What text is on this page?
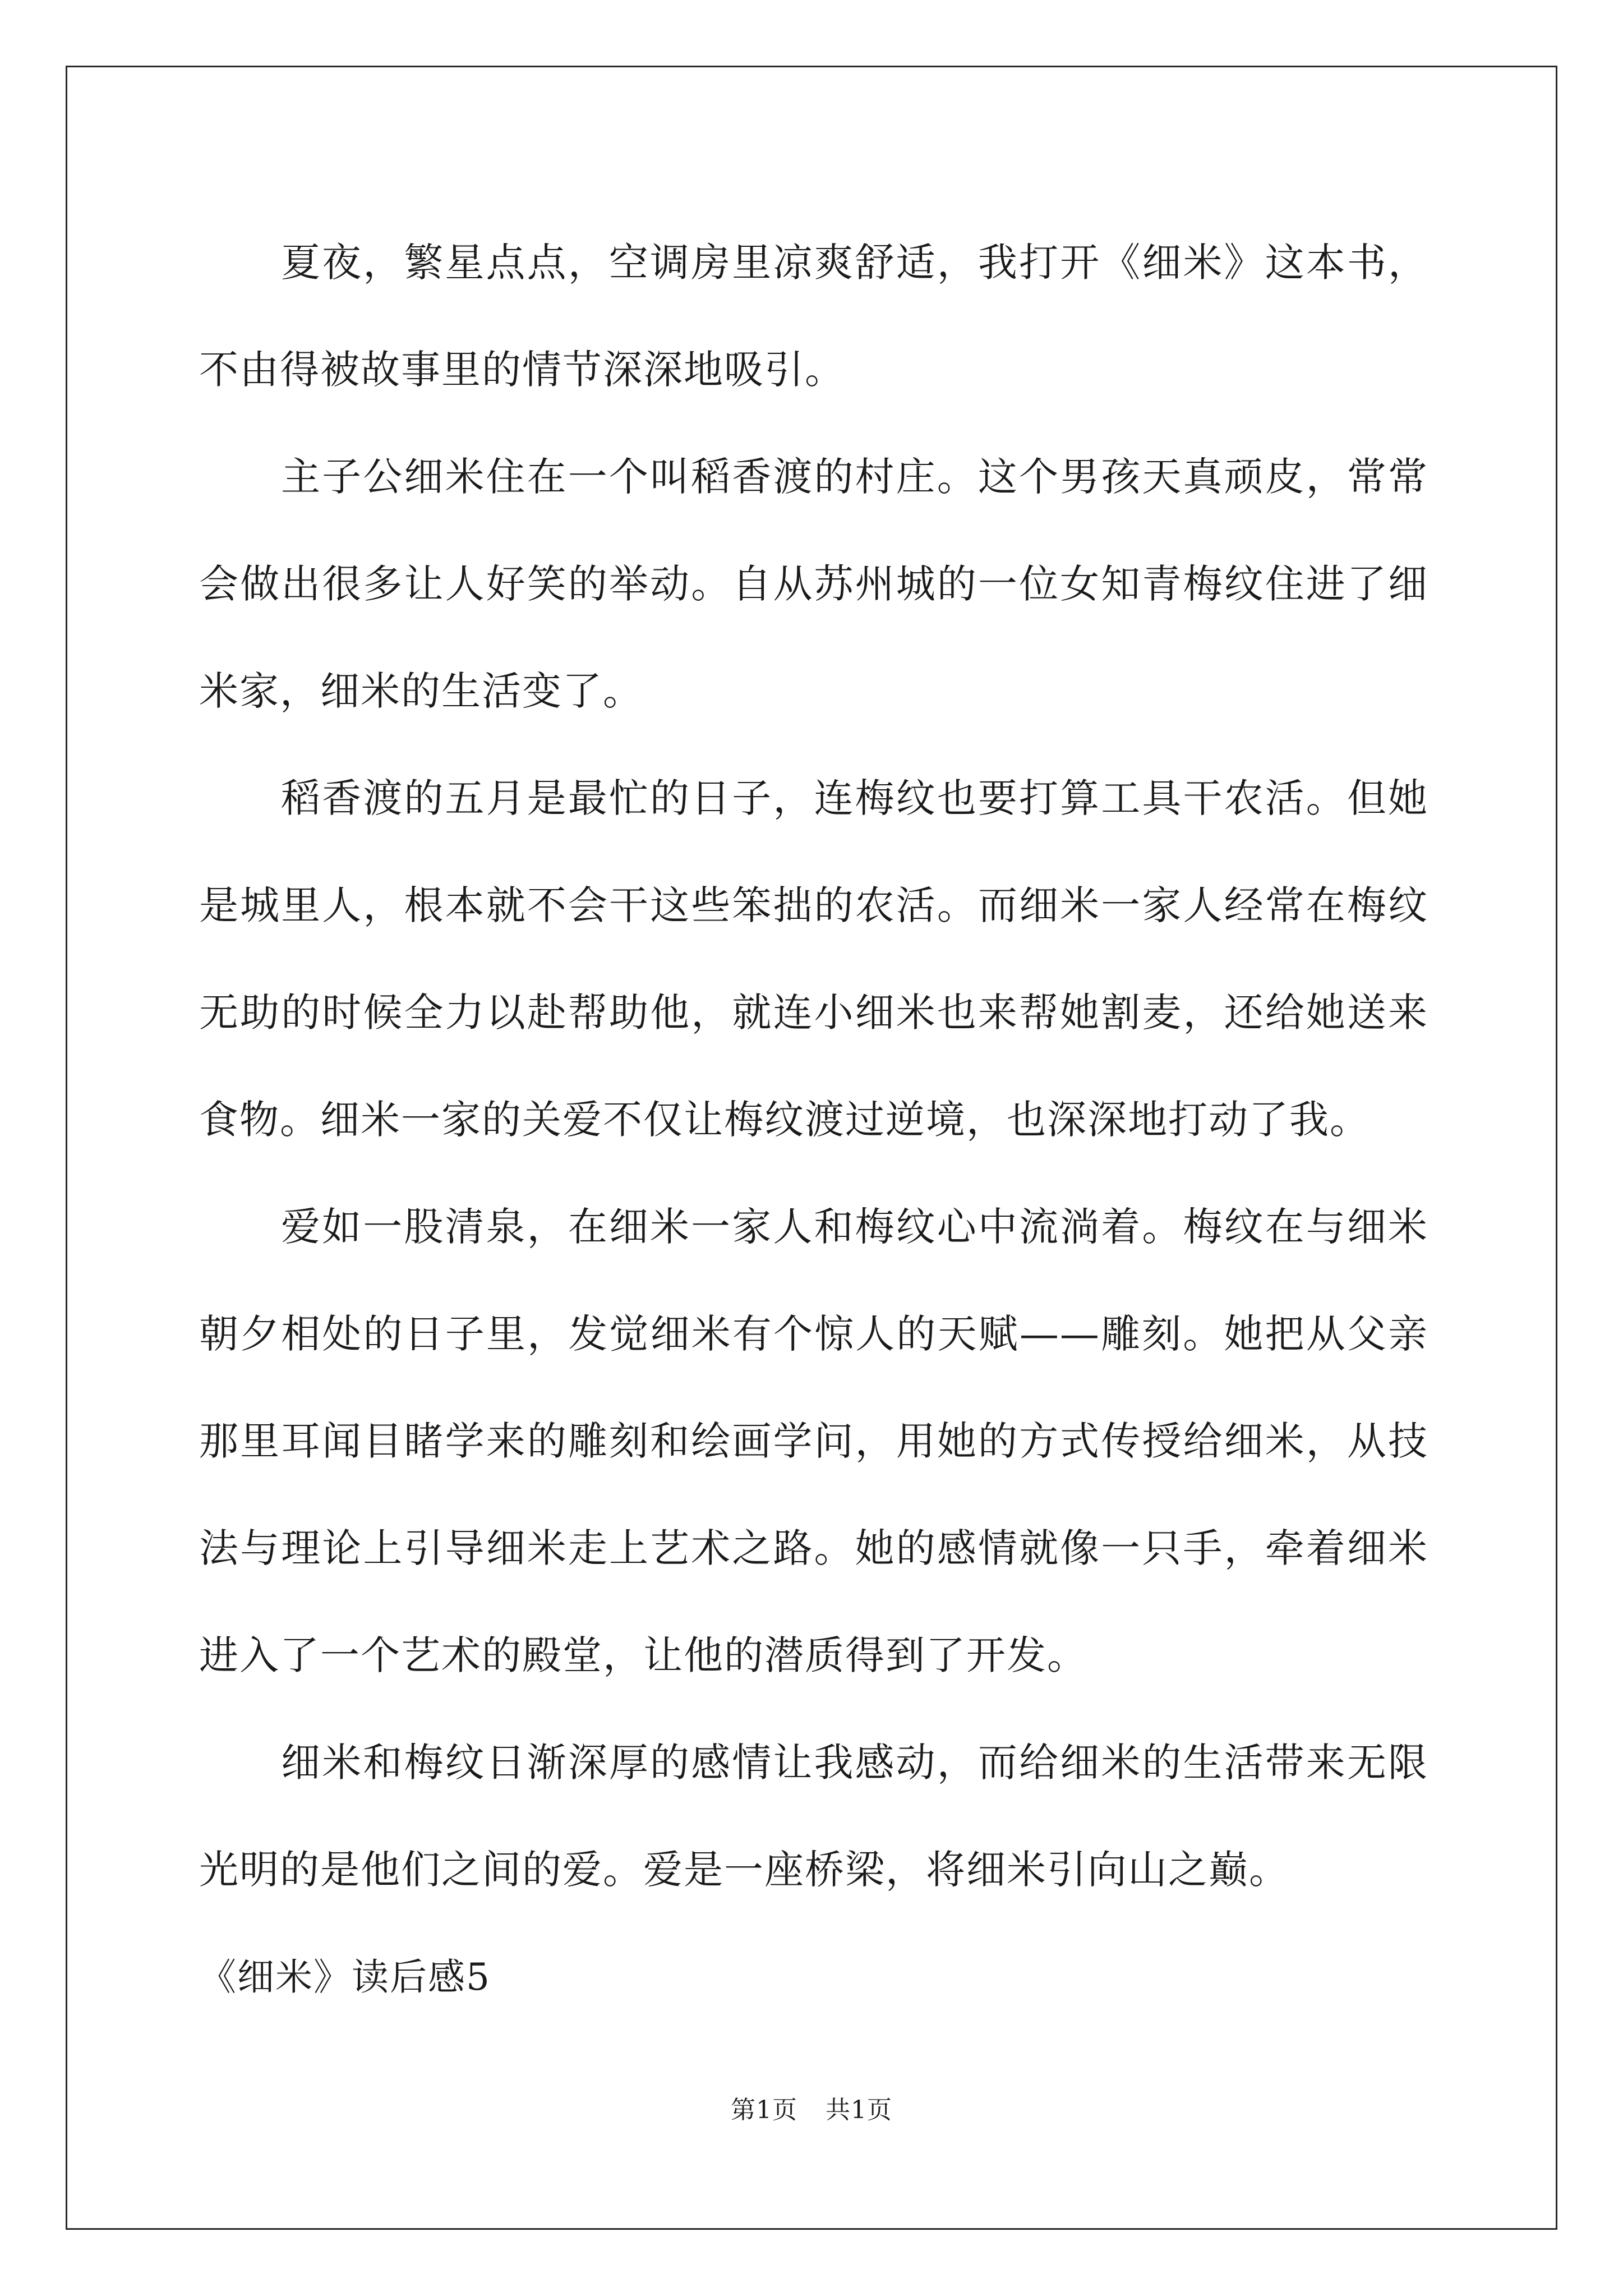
夏夜，繁星点点，空调房里凉爽舒适，我打开《细米》这本书，不由得被故事里的情节深深地吸引。

主子公细米住在一个叫稻香渡的村庄。这个男孩天真顽皮，常常会做出很多让人好笑的举动。自从苏州城的一位女知青梅纹住进了细米家，细米的生活变了。

稻香渡的五月是最忙的日子，连梅纹也要打算工具干农活。但她是城里人，根本就不会干这些笨拙的农活。而细米一家人经常在梅纹无助的时候全力以赴帮助他，就连小细米也来帮她割麦，还给她送来食物。细米一家的关爱不仅让梅纹渡过逆境，也深深地打动了我。

爱如一股清泉，在细米一家人和梅纹心中流淌着。梅纹在与细米朝夕相处的日子里，发觉细米有个惊人的天赋——雕刻。她把从父亲那里耳闻目睹学来的雕刻和绘画学问，用她的方式传授给细米，从技法与理论上引导细米走上艺术之路。她的感情就像一只手，牵着细米进入了一个艺术的殿堂，让他的潜质得到了开发。

细米和梅纹日渐深厚的感情让我感动，而给细米的生活带来无限光明的是他们之间的爱。爱是一座桥梁，将细米引向山之巅。

《细米》读后感5

第1页 共1页
